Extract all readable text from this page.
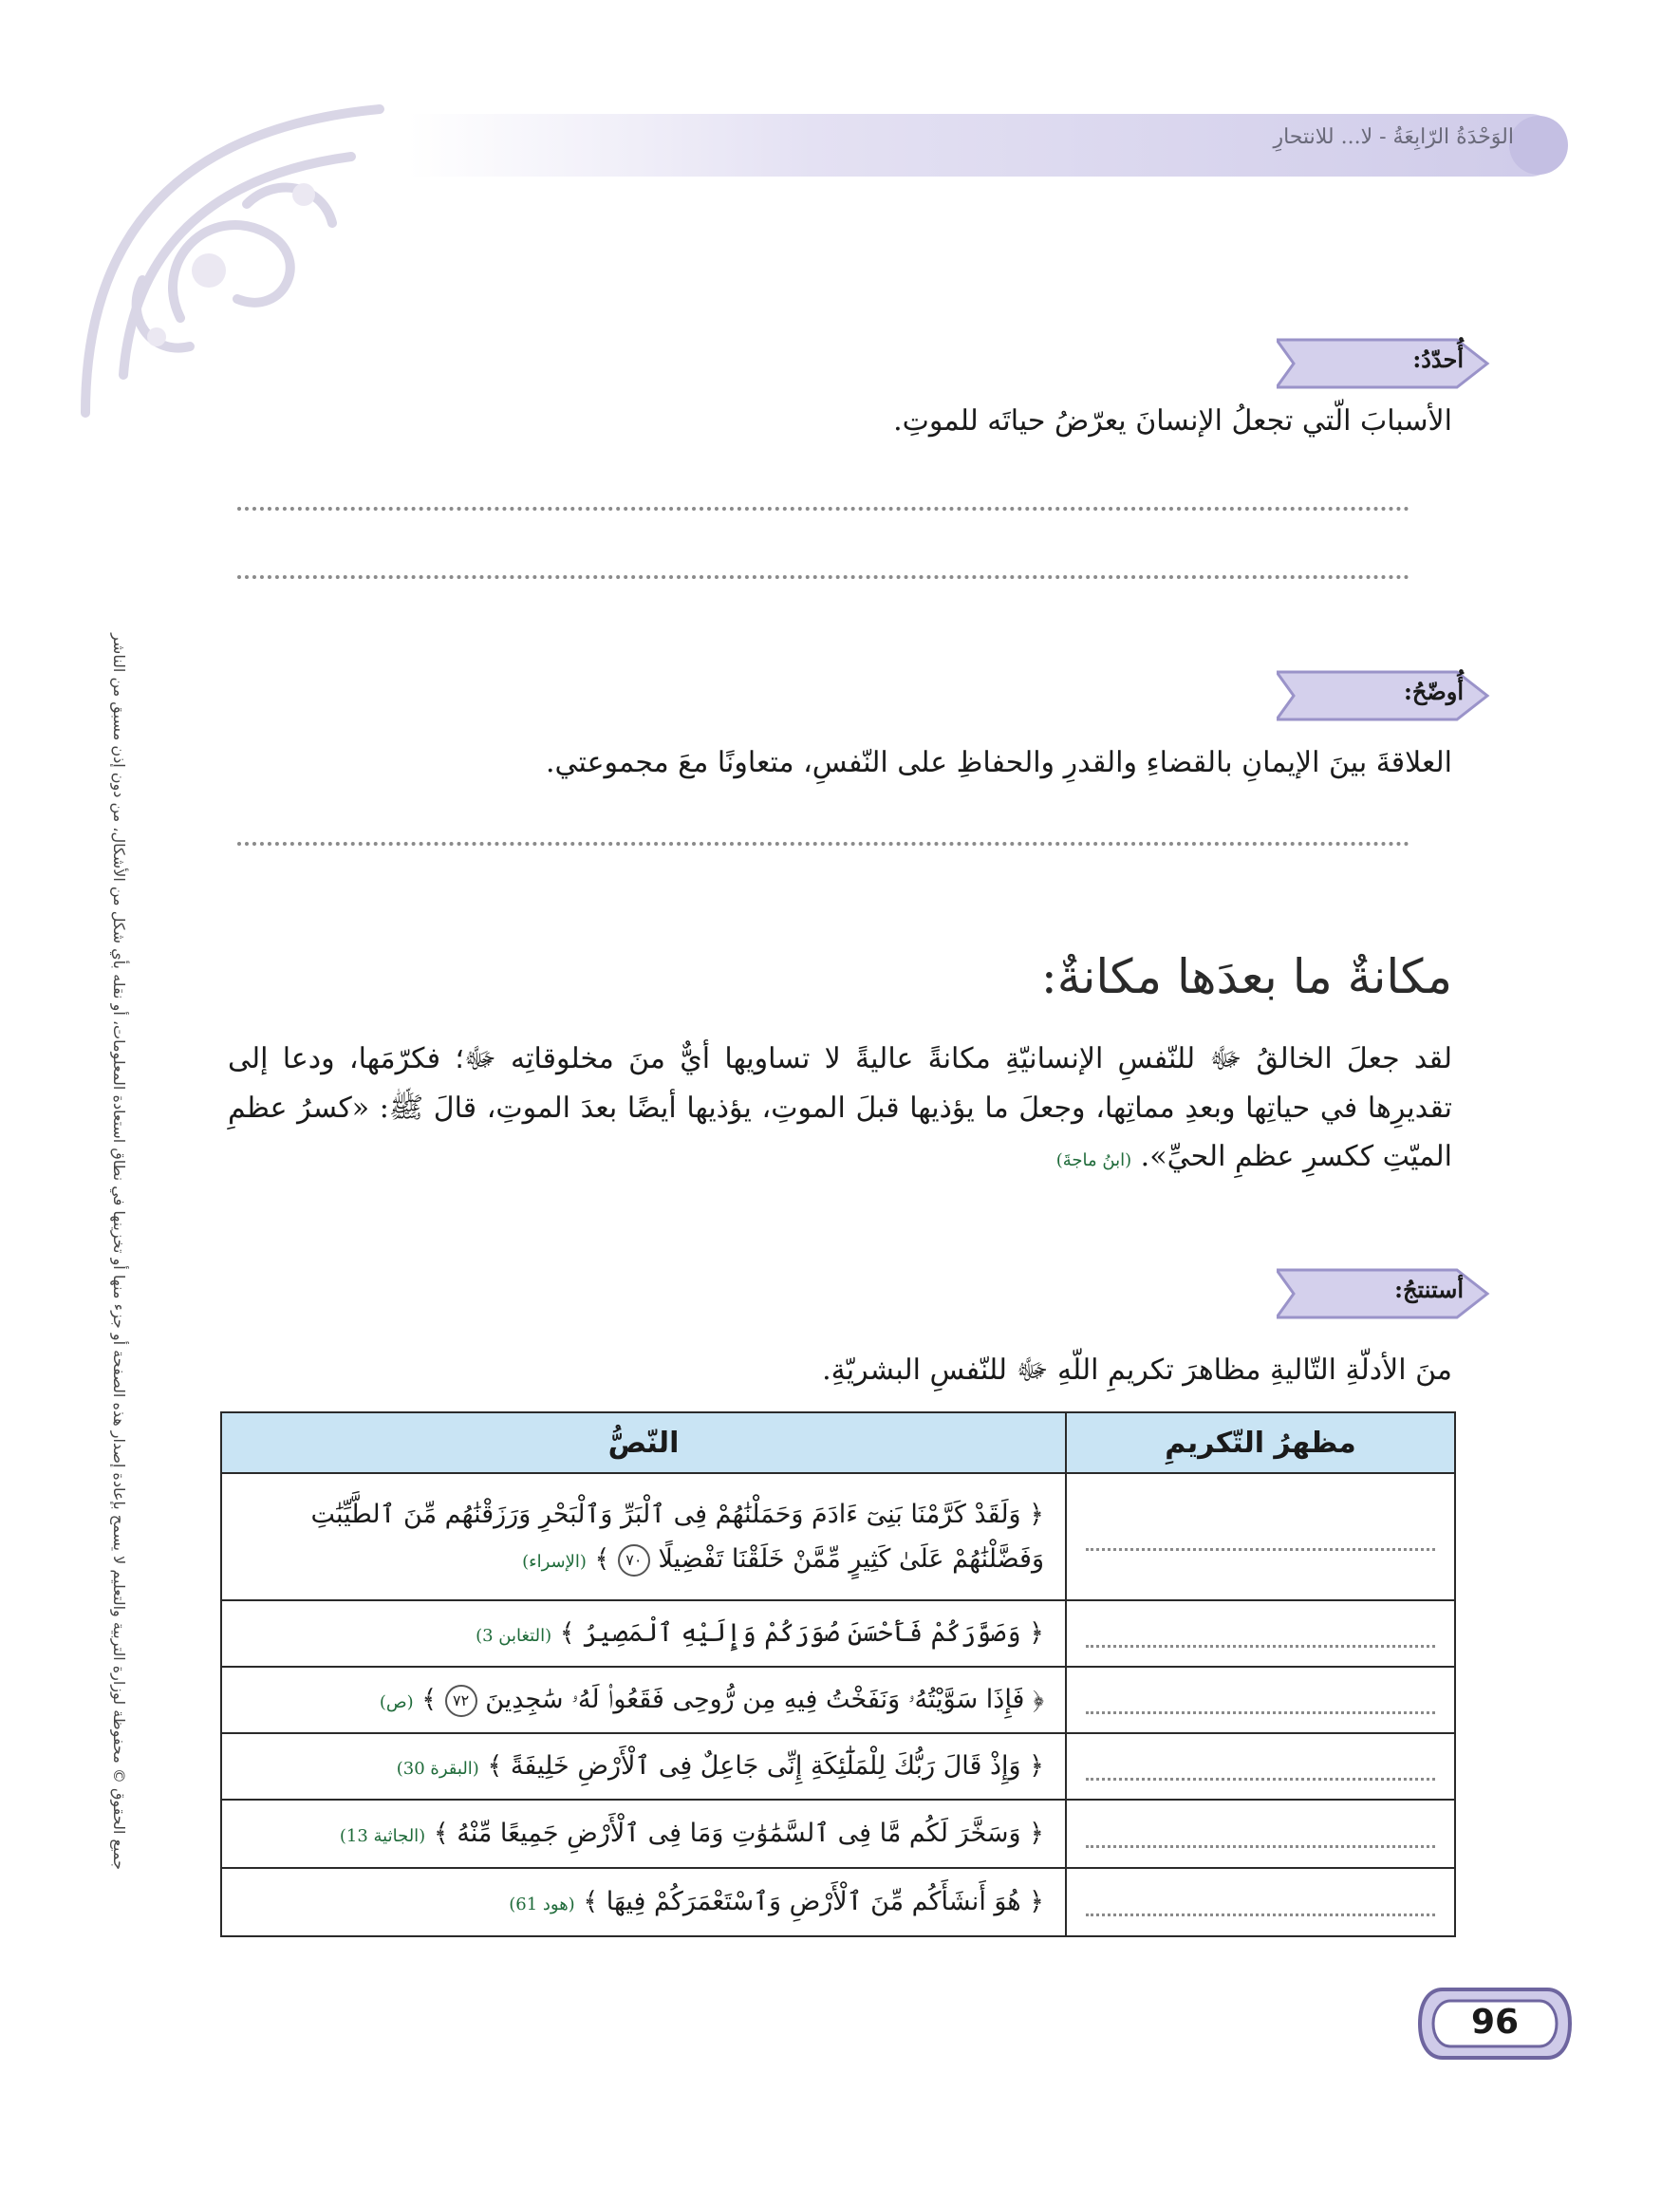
الوَحْدَةُ الرّابِعَةُ - لا... للانتحارِ
جميع الحقوق © محفوظة لوزارة التربية والتعليم لا يسمح بإعادة إصدار هذه الصفحة أو جزء منها أو تخزينها في نطاق استعادة المعلومات، أو نقله بأي شكل من الأشكال، من دون إذن مسبق من الناشر
أُحدّدُ:
الأسبابَ الّتي تجعلُ الإنسانَ يعرّضُ حياتَه للموتِ.
أُوضّحُ:
العلاقةَ بينَ الإيمانِ بالقضاءِ والقدرِ والحفاظِ على النّفسِ، متعاونًا معَ مجموعتي.
مكانةٌ ما بعدَها مكانةٌ:
لقد جعلَ الخالقُ ﷻ للنّفسِ الإنسانيّةِ مكانةً عاليةً لا تساويها أيٌّ منَ مخلوقاتِه ﷻ؛ فكرّمَها، ودعا إلى تقديرِها في حياتِها وبعدِ مماتِها، وجعلَ ما يؤذيها قبلَ الموتِ، يؤذيها أيضًا بعدَ الموتِ، قالَ ﷺ: «كسرُ عظمِ الميّتِ ككسرِ عظمِ الحيِّ». (ابنُ ماجةَ)
أستنتجُ:
منَ الأدلّةِ التّاليةِ مظاهرَ تكريمِ اللّهِ ﷻ للنّفسِ البشريّةِ.
مظهرُ التّكريمِ	النّصُّ

	﴿ وَلَقَدْ كَرَّمْنَا بَنِىٓ ءَادَمَ وَحَمَلْنَٰهُمْ فِى ٱلْبَرِّ وَٱلْبَحْرِ وَرَزَقْنَٰهُم مِّنَ ٱلطَّيِّبَٰتِ وَفَضَّلْنَٰهُمْ عَلَىٰ كَثِيرٍ مِّمَّنْ خَلَقْنَا تَفْضِيلًا ٧٠ ﴾ (الإسراء)

	﴿ وَصَوَّرَكُمْ فَأَحْسَنَ صُوَرَكُمْ وَإِلَيْهِ ٱلْمَصِيرُ ﴾ (التغابن 3)

	﴿ فَإِذَا سَوَّيْتُهُۥ وَنَفَخْتُ فِيهِ مِن رُّوحِى فَقَعُوا۟ لَهُۥ سَٰجِدِينَ ٧٢ ﴾ (ص)

	﴿ وَإِذْ قَالَ رَبُّكَ لِلْمَلَٰٓئِكَةِ إِنِّى جَاعِلٌ فِى ٱلْأَرْضِ خَلِيفَةً ﴾ (البقرة 30)

	﴿ وَسَخَّرَ لَكُم مَّا فِى ٱلسَّمَٰوَٰتِ وَمَا فِى ٱلْأَرْضِ جَمِيعًا مِّنْهُ ﴾ (الجاثية 13)

	﴿ هُوَ أَنشَأَكُم مِّنَ ٱلْأَرْضِ وَٱسْتَعْمَرَكُمْ فِيهَا ﴾ (هود 61)
96
